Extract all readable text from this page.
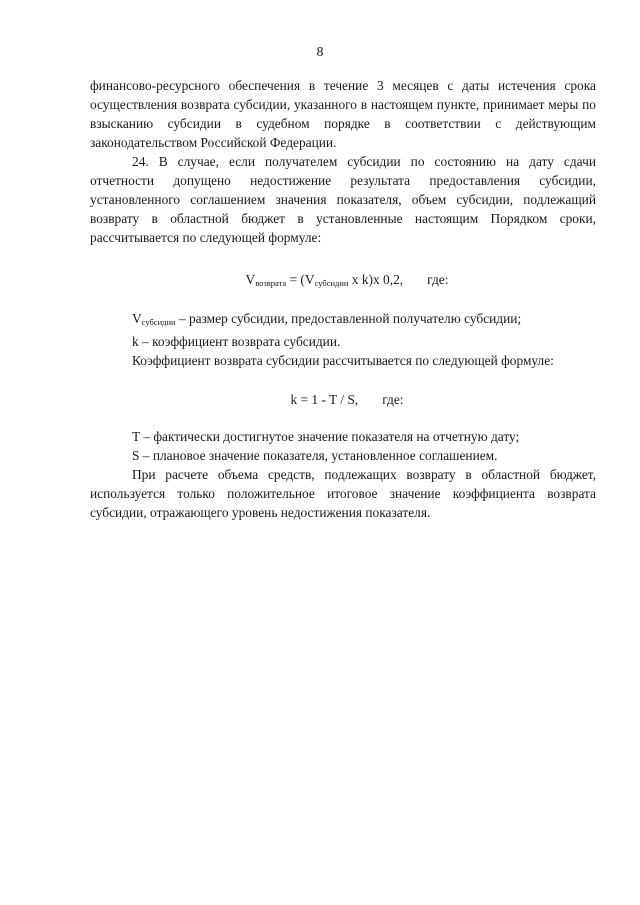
8

финансово-ресурсного обеспечения в течение 3 месяцев с даты истечения срока осуществления возврата субсидии, указанного в настоящем пункте, принимает меры по взысканию субсидии в судебном порядке в соответствии с действующим законодательством Российской Федерации.

24. В случае, если получателем субсидии по состоянию на дату сдачи отчетности допущено недостижение результата предоставления субсидии, установленного соглашением значения показателя, объем субсидии, подлежащий возврату в областной бюджет в установленные настоящим Порядком сроки, рассчитывается по следующей формуле:

$V_{возврата} = (V_{субсидии}$ x k)x 0,2, где:

$V_{субсидии}$ – размер субсидии, предоставленной получателю субсидии;

k – коэффициент возврата субсидии.

Коэффициент возврата субсидии рассчитывается по следующей формуле:

k = 1 - T / S, где:

T – фактически достигнутое значение показателя на отчетную дату;

S – плановое значение показателя, установленное соглашением.

При расчете объема средств, подлежащих возврату в областной бюджет, используется только положительное итоговое значение коэффициента возврата субсидии, отражающего уровень недостижения показателя.
